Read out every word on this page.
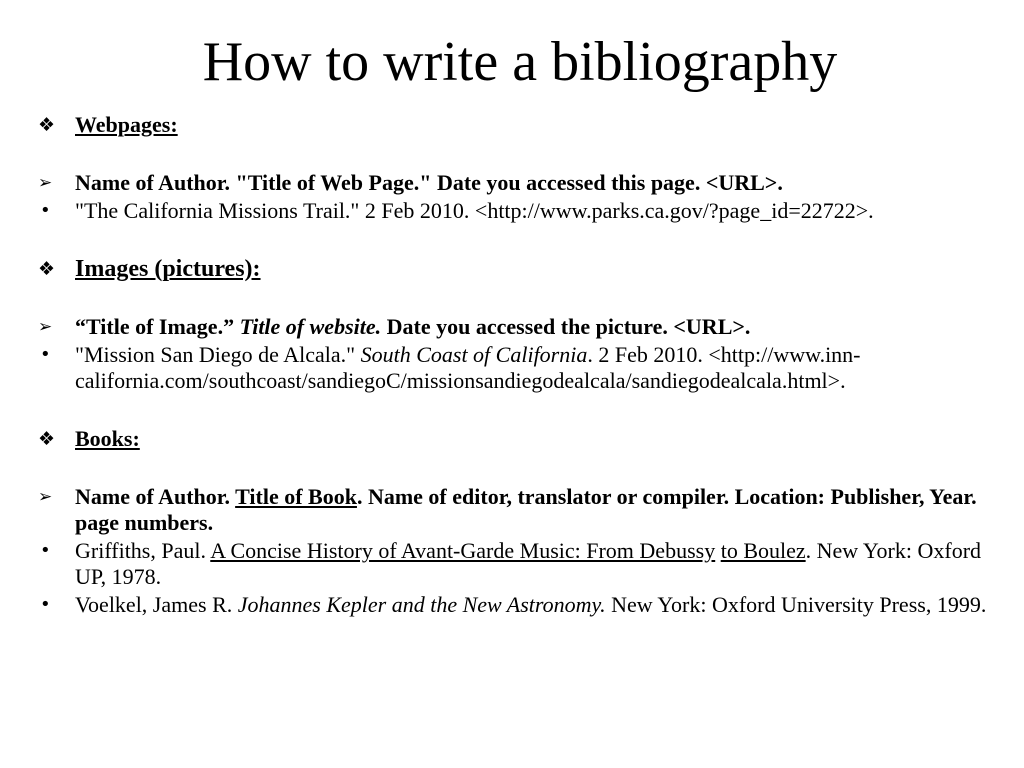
How to write a bibliography
❖ Webpages:
➢	Name of Author. "Title of Web Page." Date you accessed this page. <URL>.
•	"The California Missions Trail." 2 Feb 2010. <http://www.parks.ca.gov/?page_id=22722>.
❖ Images (pictures):
➢	“Title of Image.” Title of website. Date you accessed the picture. <URL>.
•	"Mission San Diego de Alcala." South Coast of California. 2 Feb 2010. <http://www.inn-california.com/southcoast/sandiegoC/missionsandiegodealcala/sandiegodealcala.html>.
❖ Books:
➢	Name of Author. Title of Book. Name of editor, translator or compiler. Location: Publisher, Year. page numbers.
•	Griffiths, Paul. A Concise History of Avant-Garde Music: From Debussy to Boulez. New York: Oxford UP, 1978.
•	Voelkel, James R. Johannes Kepler and the New Astronomy. New York: Oxford University Press, 1999.
